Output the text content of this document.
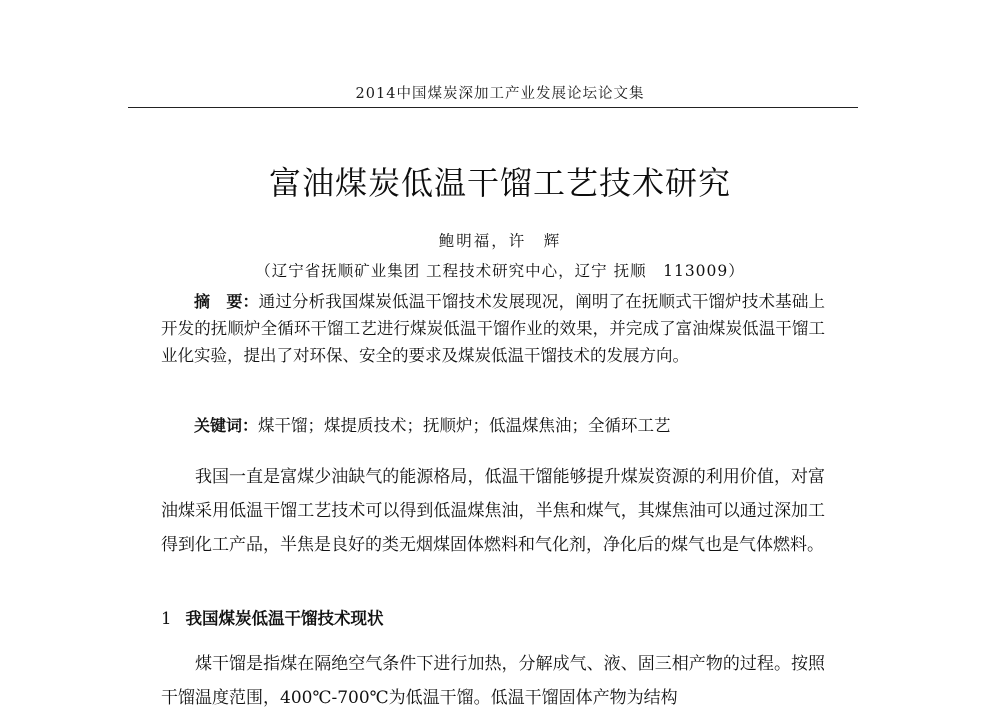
2014中国煤炭深加工产业发展论坛论文集
富油煤炭低温干馏工艺技术研究
鲍明福，许　辉
（辽宁省抚顺矿业集团 工程技术研究中心，辽宁 抚顺　113009）
摘　要：通过分析我国煤炭低温干馏技术发展现况，阐明了在抚顺式干馏炉技术基础上开发的抚顺炉全循环干馏工艺进行煤炭低温干馏作业的效果，并完成了富油煤炭低温干馏工业化实验，提出了对环保、安全的要求及煤炭低温干馏技术的发展方向。
关键词：煤干馏；煤提质技术；抚顺炉；低温煤焦油；全循环工艺
我国一直是富煤少油缺气的能源格局，低温干馏能够提升煤炭资源的利用价值，对富油煤采用低温干馏工艺技术可以得到低温煤焦油，半焦和煤气，其煤焦油可以通过深加工得到化工产品，半焦是良好的类无烟煤固体燃料和气化剂，净化后的煤气也是气体燃料。
1 我国煤炭低温干馏技术现状
煤干馏是指煤在隔绝空气条件下进行加热，分解成气、液、固三相产物的过程。按照干馏温度范围，400℃-700℃为低温干馏。低温干馏固体产物为结构
